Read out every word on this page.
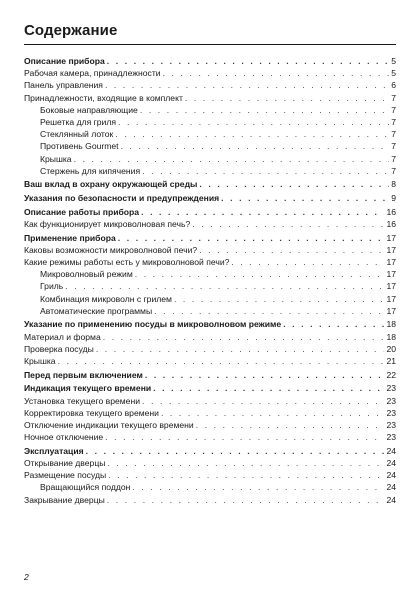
Содержание
Описание прибора . . .	5
Рабочая камера, принадлежности . . .	5
Панель управления . . .	6
Принадлежности, входящие в комплект . . .	7
Боковые направляющие . . .	7
Решетка для гриля . . .	7
Стеклянный лоток . . .	7
Противень Gourmet . . .	7
Крышка . . .	7
Стержень для кипячения . . .	7
Ваш вклад в охрану окружающей среды . . .	8
Указания по безопасности и предупреждения . . .	9
Описание работы прибора . . .	16
Как функционирует микроволновая печь? . . .	16
Применение прибора . . .	17
Каковы возможности микроволновой печи? . . .	17
Какие режимы работы есть у микроволновой печи? . . .	17
Микроволновый режим . . .	17
Гриль . . .	17
Комбинация микроволн с грилем . . .	17
Автоматические программы . . .	17
Указание по применению посуды в микроволновом режиме . . .	18
Материал и форма . . .	18
Проверка посуды . . .	20
Крышка . . .	21
Перед первым включением . . .	22
Индикация текущего времени . . .	23
Установка текущего времени . . .	23
Корректировка текущего времени . . .	23
Отключение индикации текущего времени . . .	23
Ночное отключение . . .	23
Эксплуатация . . .	24
Открывание дверцы . . .	24
Размещение посуды . . .	24
Вращающийся поддон . . .	24
Закрывание дверцы . . .	24
2
